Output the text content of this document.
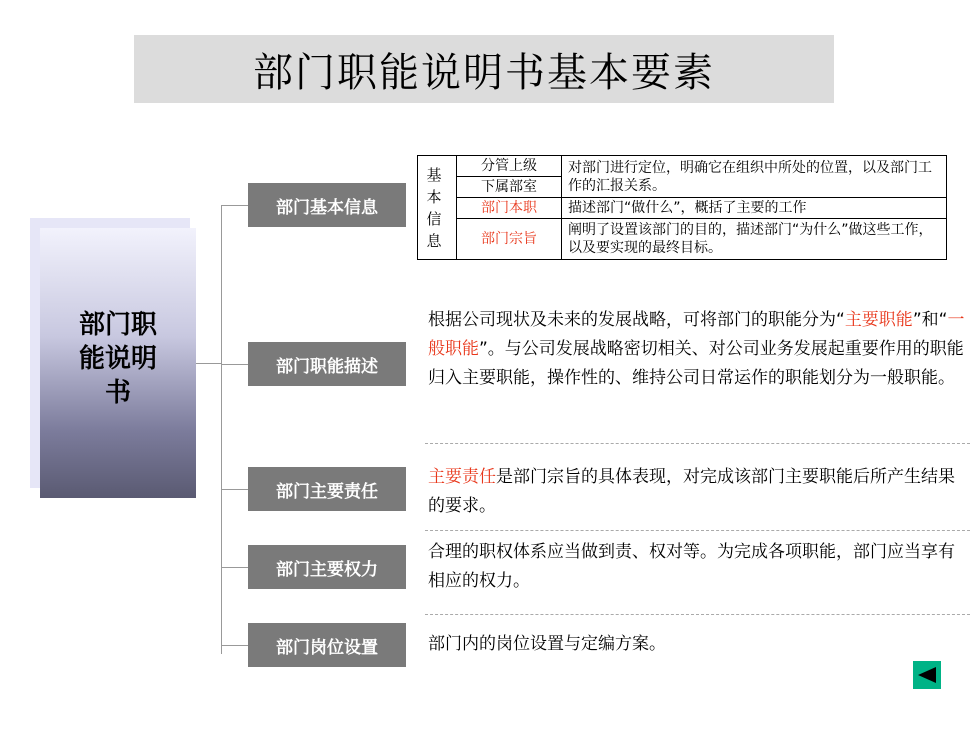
部门职能说明书基本要素
部门职能说明书
部门基本信息
部门职能描述
部门主要责任
部门主要权力
部门岗位设置
基本信息	分管上级	对部门进行定位，明确它在组织中所处的位置，以及部门工作的汇报关系。
	下属部室	
	部门本职	描述部门“做什么”，概括了主要的工作
	部门宗旨	阐明了设置该部门的目的，描述部门“为什么”做这些工作，以及要实现的最终目标。
根据公司现状及未来的发展战略，可将部门的职能分为“主要职能”和“一般职能”。与公司发展战略密切相关、对公司业务发展起重要作用的职能归入主要职能，操作性的、维持公司日常运作的职能划分为一般职能。
主要责任是部门宗旨的具体表现，对完成该部门主要职能后所产生结果的要求。
合理的职权体系应当做到责、权对等。为完成各项职能，部门应当享有相应的权力。
部门内的岗位设置与定编方案。
